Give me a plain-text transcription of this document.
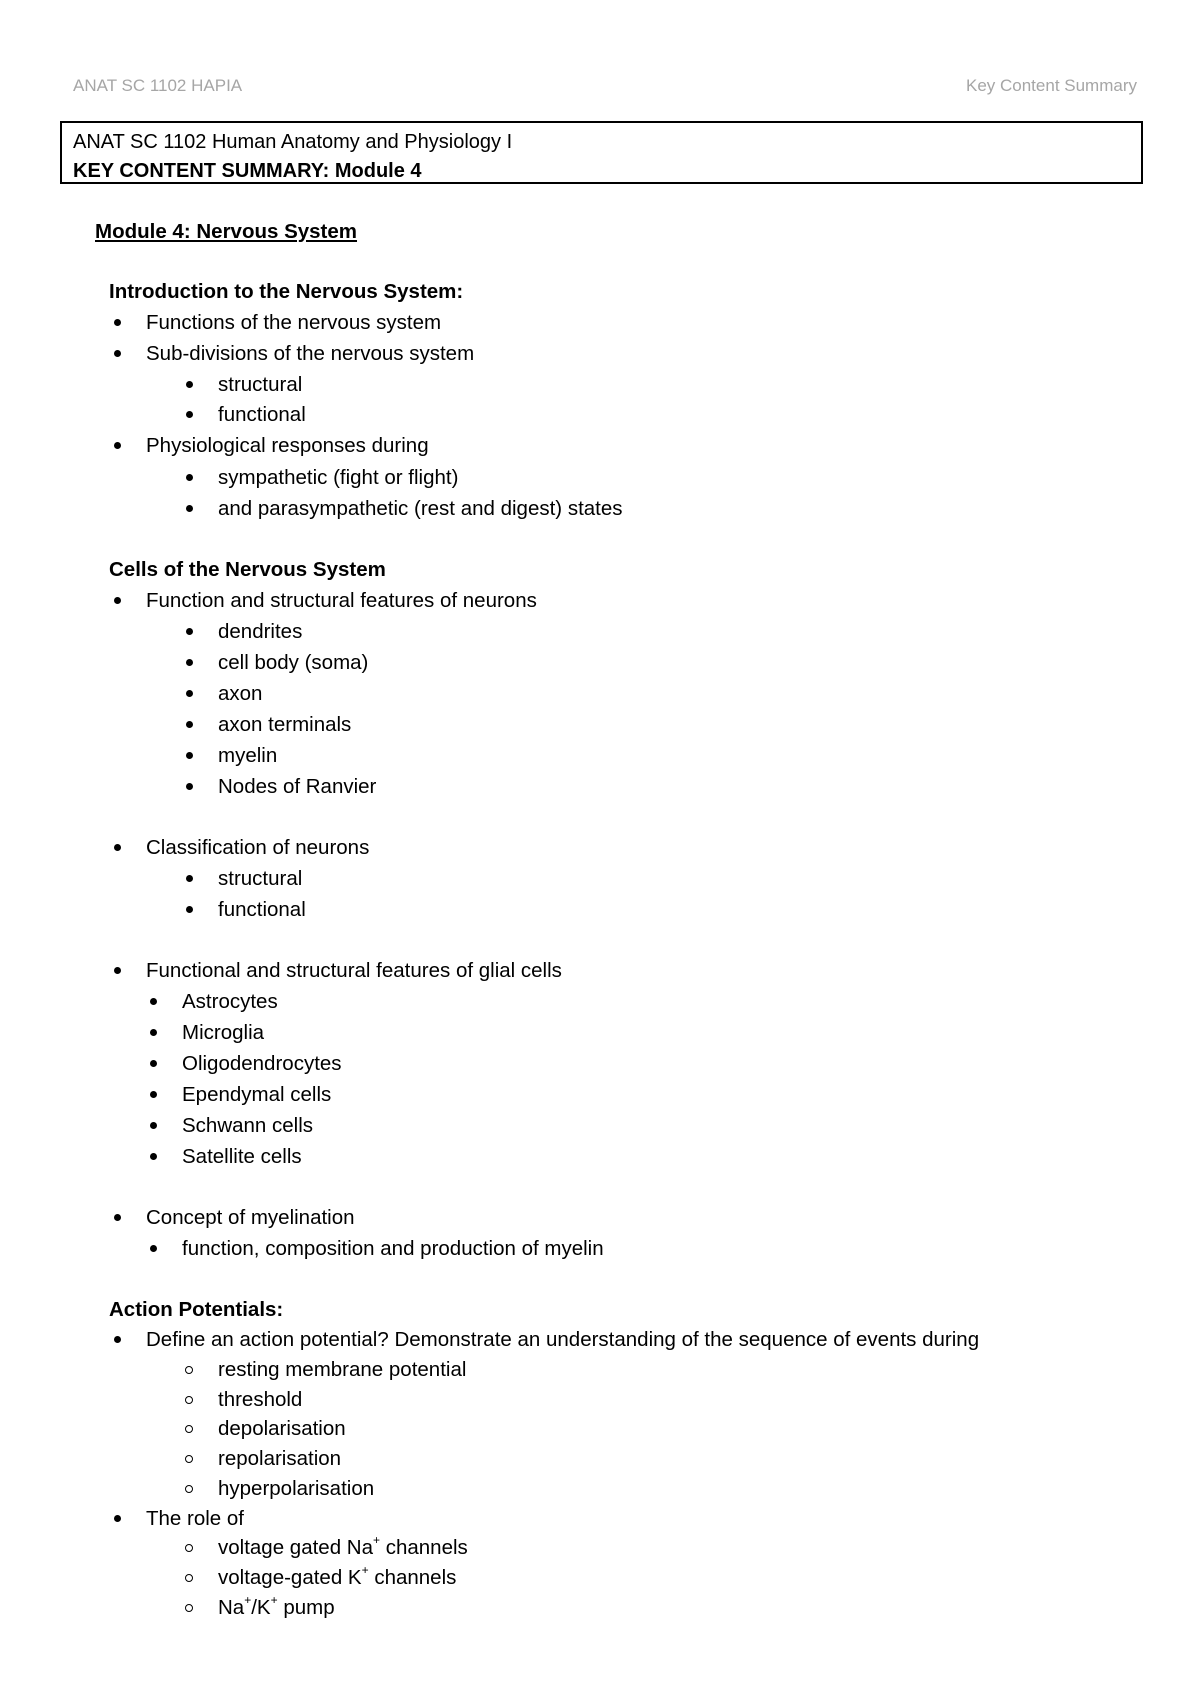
ANAT SC 1102 HAPIA	Key Content Summary
ANAT SC 1102 Human Anatomy and Physiology I
KEY CONTENT SUMMARY: Module 4
Module 4: Nervous System
Introduction to the Nervous System:
Functions of the nervous system
Sub-divisions of the nervous system
structural
functional
Physiological responses during
sympathetic (fight or flight)
and parasympathetic (rest and digest) states
Cells of the Nervous System
Function and structural features of neurons
dendrites
cell body (soma)
axon
axon terminals
myelin
Nodes of Ranvier
Classification of neurons
structural
functional
Functional and structural features of glial cells
Astrocytes
Microglia
Oligodendrocytes
Ependymal cells
Schwann cells
Satellite cells
Concept of myelination
function, composition and production of myelin
Action Potentials:
Define an action potential? Demonstrate an understanding of the sequence of events during
resting membrane potential
threshold
depolarisation
repolarisation
hyperpolarisation
The role of
voltage gated Na+ channels
voltage-gated K+ channels
Na+/K+ pump
